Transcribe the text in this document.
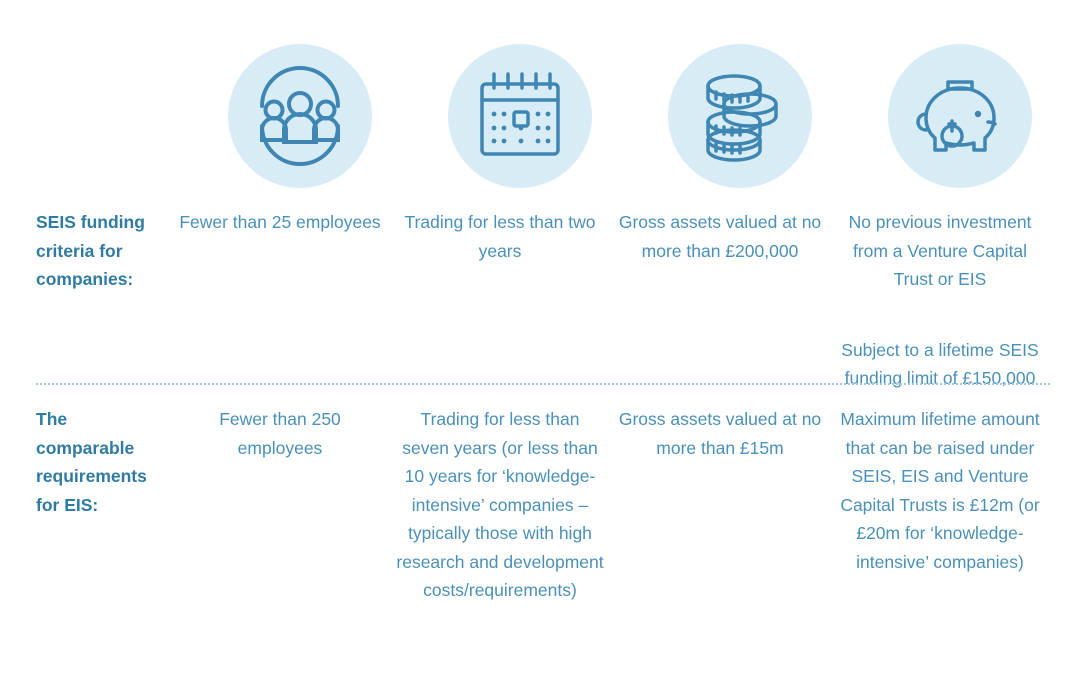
SEIS funding criteria for companies:

Fewer than 25 employees	Trading for less than two years

Gross assets valued at no more than £200,000

No previous investment from a Venture Capital Trust or EIS

Subject to a lifetime SEIS funding limit of £150,000

The comparable requirements for EIS:

Fewer than 250 employees

Trading for less than seven years (or less than 10 years for ‘knowledge-intensive’ companies – typically those with high research and development costs/requirements)

Gross assets valued at no more than £15m

Maximum lifetime amount that can be raised under SEIS, EIS and Venture Capital Trusts is £12m (or £20m for ‘knowledge-intensive’ companies)
